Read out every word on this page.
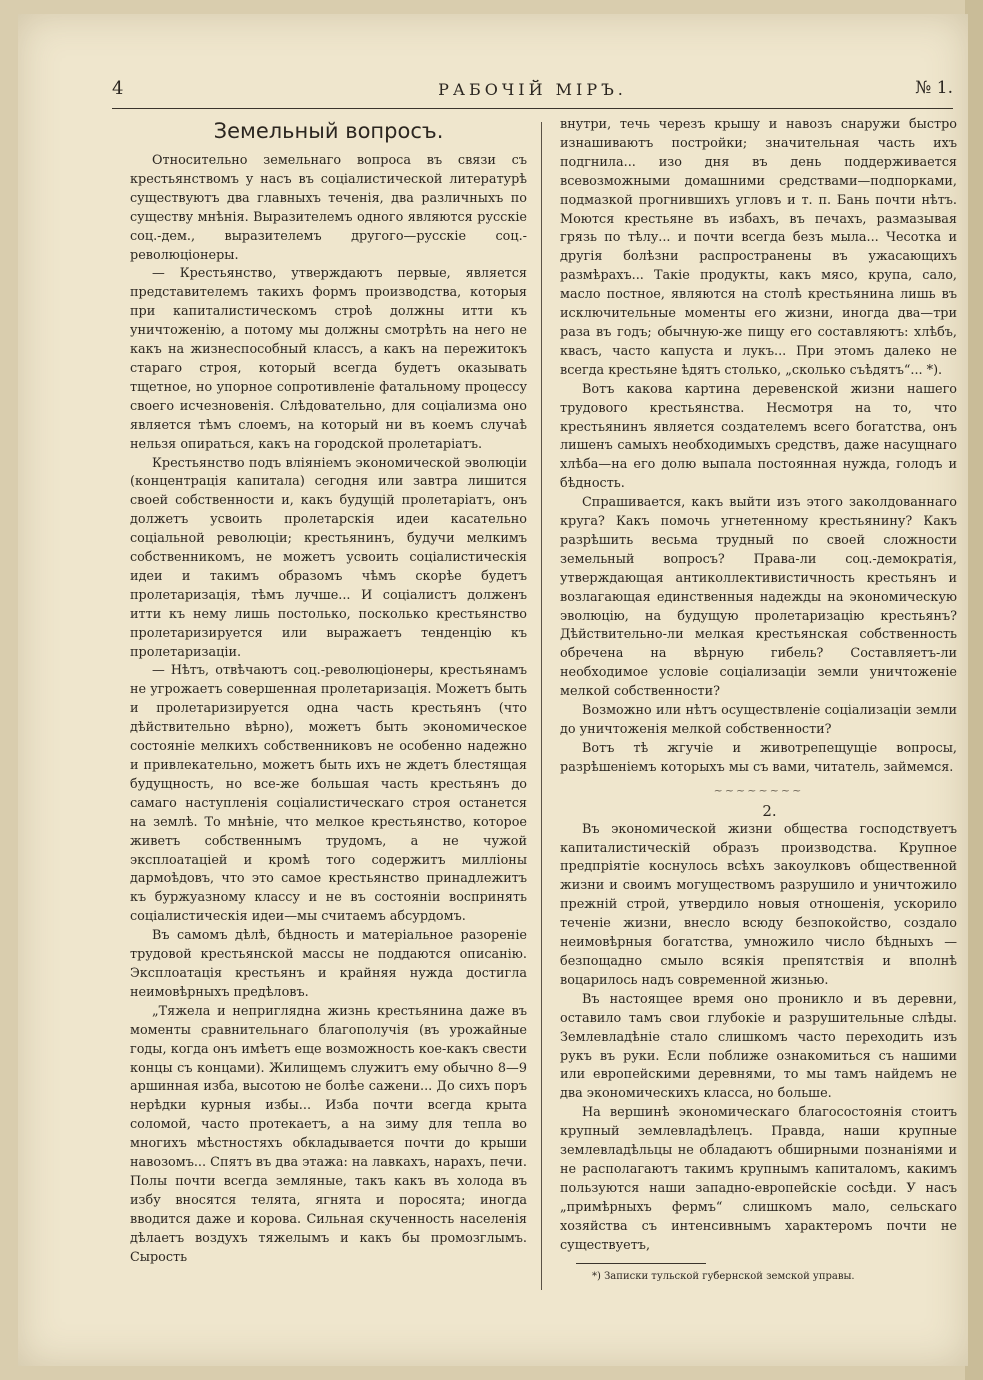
4	РАБОЧІЙ МІРЪ.	№ 1.
Земельный вопросъ.

Относительно земельнаго вопроса въ связи съ крестьянствомъ у насъ въ соціалистической литературѣ существуютъ два главныхъ теченія, два различныхъ по существу мнѣнія. Выразителемъ одного являются русскіе соц.-дем., выразителемъ другого—русскіе соц.-революціонеры.

— Крестьянство, утверждаютъ первые, является представителемъ такихъ формъ производства, которыя при капиталистическомъ строѣ должны итти къ уничтоженію, а потому мы должны смотрѣть на него не какъ на жизнеспособный классъ, а какъ на пережитокъ стараго строя, который всегда будетъ оказывать тщетное, но упорное сопротивленіе фатальному процессу своего исчезновенія. Слѣдовательно, для соціализма оно является тѣмъ слоемъ, на который ни въ коемъ случаѣ нельзя опираться, какъ на городской пролетаріатъ.

Крестьянство подъ вліяніемъ экономической эволюціи (концентрація капитала) сегодня или завтра лишится своей собственности и, какъ будущій пролетаріатъ, онъ должетъ усвоить пролетарскія идеи касательно соціальной революціи; крестьянинъ, будучи мелкимъ собственникомъ, не можетъ усвоить соціалистическія идеи и такимъ образомъ чѣмъ скорѣе будетъ пролетаризація, тѣмъ лучше... И соціалистъ долженъ итти къ нему лишь постолько, посколько крестьянство пролетаризируется или выражаетъ тенденцію къ пролетаризаціи.

— Нѣтъ, отвѣчаютъ соц.-революціонеры, крестьянамъ не угрожаетъ совершенная пролетаризація. Можетъ быть и пролетаризируется одна часть крестьянъ (что дѣйствительно вѣрно), можетъ быть экономическое состояніе мелкихъ собственниковъ не особенно надежно и привлекательно, можетъ быть ихъ не ждетъ блестящая будущность, но все-же большая часть крестьянъ до самаго наступленія соціалистическаго строя останется на землѣ. То мнѣніе, что мелкое крестьянство, которое живетъ собственнымъ трудомъ, а не чужой эксплоатаціей и кромѣ того содержитъ милліоны дармоѣдовъ, что это самое крестьянство принадлежитъ къ буржуазному классу и не въ состояніи воспринять соціалистическія идеи—мы считаемъ абсурдомъ.

Въ самомъ дѣлѣ, бѣдность и матеріальное разореніе трудовой крестьянской массы не поддаются описанію. Эксплоатація крестьянъ и крайняя нужда достигла неимовѣрныхъ предѣловъ.

„Тяжела и непригляднa жизнь крестьянина даже въ моменты сравнительнаго благополучія (въ урожайные годы, когда онъ имѣетъ еще возможность кое-какъ свести концы съ концами). Жилищемъ служитъ ему обычно 8—9 аршинная изба, высотою не болѣе сажени... До сихъ поръ нерѣдки курныя избы... Изба почти всегда крыта соломой, часто протекаетъ, а на зиму для тепла во многихъ мѣстностяхъ обкладывается почти до крыши навозомъ... Спятъ въ два этажа: на лавкахъ, нарахъ, печи. Полы почти всегда земляные, такъ какъ въ холода въ избу вносятся телята, ягнята и поросята; иногда вводится даже и корова. Сильная скученность населенія дѣлаетъ воздухъ тяжелымъ и какъ бы промозглымъ. Сырость

внутри, течь черезъ крышу и навозъ снаружи быстро изнашиваютъ постройки; значительная часть ихъ подгнила... изо дня въ день поддерживается всевозможными домашними средствами—подпорками, подмазкой прогнившихъ угловъ и т. п. Бань почти нѣтъ. Моются крестьяне въ избахъ, въ печахъ, размазывая грязь по тѣлу... и почти всегда безъ мыла... Чесотка и другія болѣзни распространены въ ужасающихъ размѣрахъ... Такіе продукты, какъ мясо, крупа, сало, масло постное, являются на столѣ крестьянина лишь въ исключительные моменты его жизни, иногда два—три раза въ годъ; обычную-же пищу его составляютъ: хлѣбъ, квасъ, часто капуста и лукъ... При этомъ далеко не всегда крестьяне ѣдятъ столько, „сколько съѣдятъ“... *).

Вотъ какова картина деревенской жизни нашего трудового крестьянства. Несмотря на то, что крестьянинъ является создателемъ всего богатства, онъ лишенъ самыхъ необходимыхъ средствъ, даже насущнаго хлѣба—на его долю выпала постоянная нужда, голодъ и бѣдность.

Спрашивается, какъ выйти изъ этого заколдованнаго круга? Какъ помочь угнетенному крестьянину? Какъ разрѣшить весьма трудный по своей сложности земельный вопросъ? Права-ли соц.-демократія, утверждающая антиколлективистичность крестьянъ и возлагающая единственныя надежды на экономическую эволюцію, на будущую пролетаризацію крестьянъ? Дѣйствительно-ли мелкая крестьянская собственность обречена на вѣрную гибель? Составляетъ-ли необходимое условіе соціализаціи земли уничтоженіе мелкой собственности?

Возможно или нѣтъ осуществленіе соціализаціи земли до уничтоженія мелкой собственности?

Вотъ тѣ жгучіе и животрепещущіе вопросы, разрѣшеніемъ которыхъ мы съ вами, читатель, займемся.

~~~~~~~~

2.

Въ экономической жизни общества господствуетъ капиталистическій образъ производства. Крупное предпріятіе коснулось всѣхъ закоулковъ общественной жизни и своимъ могуществомъ разрушило и уничтожило прежній строй, утвердило новыя отношенія, ускорило теченіе жизни, внесло всюду безпокойство, создало неимовѣрныя богатства, умножило число бѣдныхъ — безпощадно смыло всякія препятствія и вполнѣ воцарилось надъ современной жизнью.

Въ настоящее время оно проникло и въ деревни, оставило тамъ свои глубокіе и разрушительные слѣды. Землевладѣніе стало слишкомъ часто переходить изъ рукъ въ руки. Если поближе ознакомиться съ нашими или европейскими деревнями, то мы тамъ найдемъ не два экономическихъ класса, но больше.

На вершинѣ экономическаго благосостоянія стоитъ крупный землевладѣлецъ. Правда, наши крупные землевладѣльцы не обладаютъ обширными познаніями и не располагаютъ такимъ крупнымъ капиталомъ, какимъ пользуются наши западно-европейскіе сосѣди. У насъ „примѣрныхъ фермъ“ слишкомъ мало, сельскаго хозяйства съ интенсивнымъ характеромъ почти не существуетъ,

*) Записки тульской губернской земской управы.
